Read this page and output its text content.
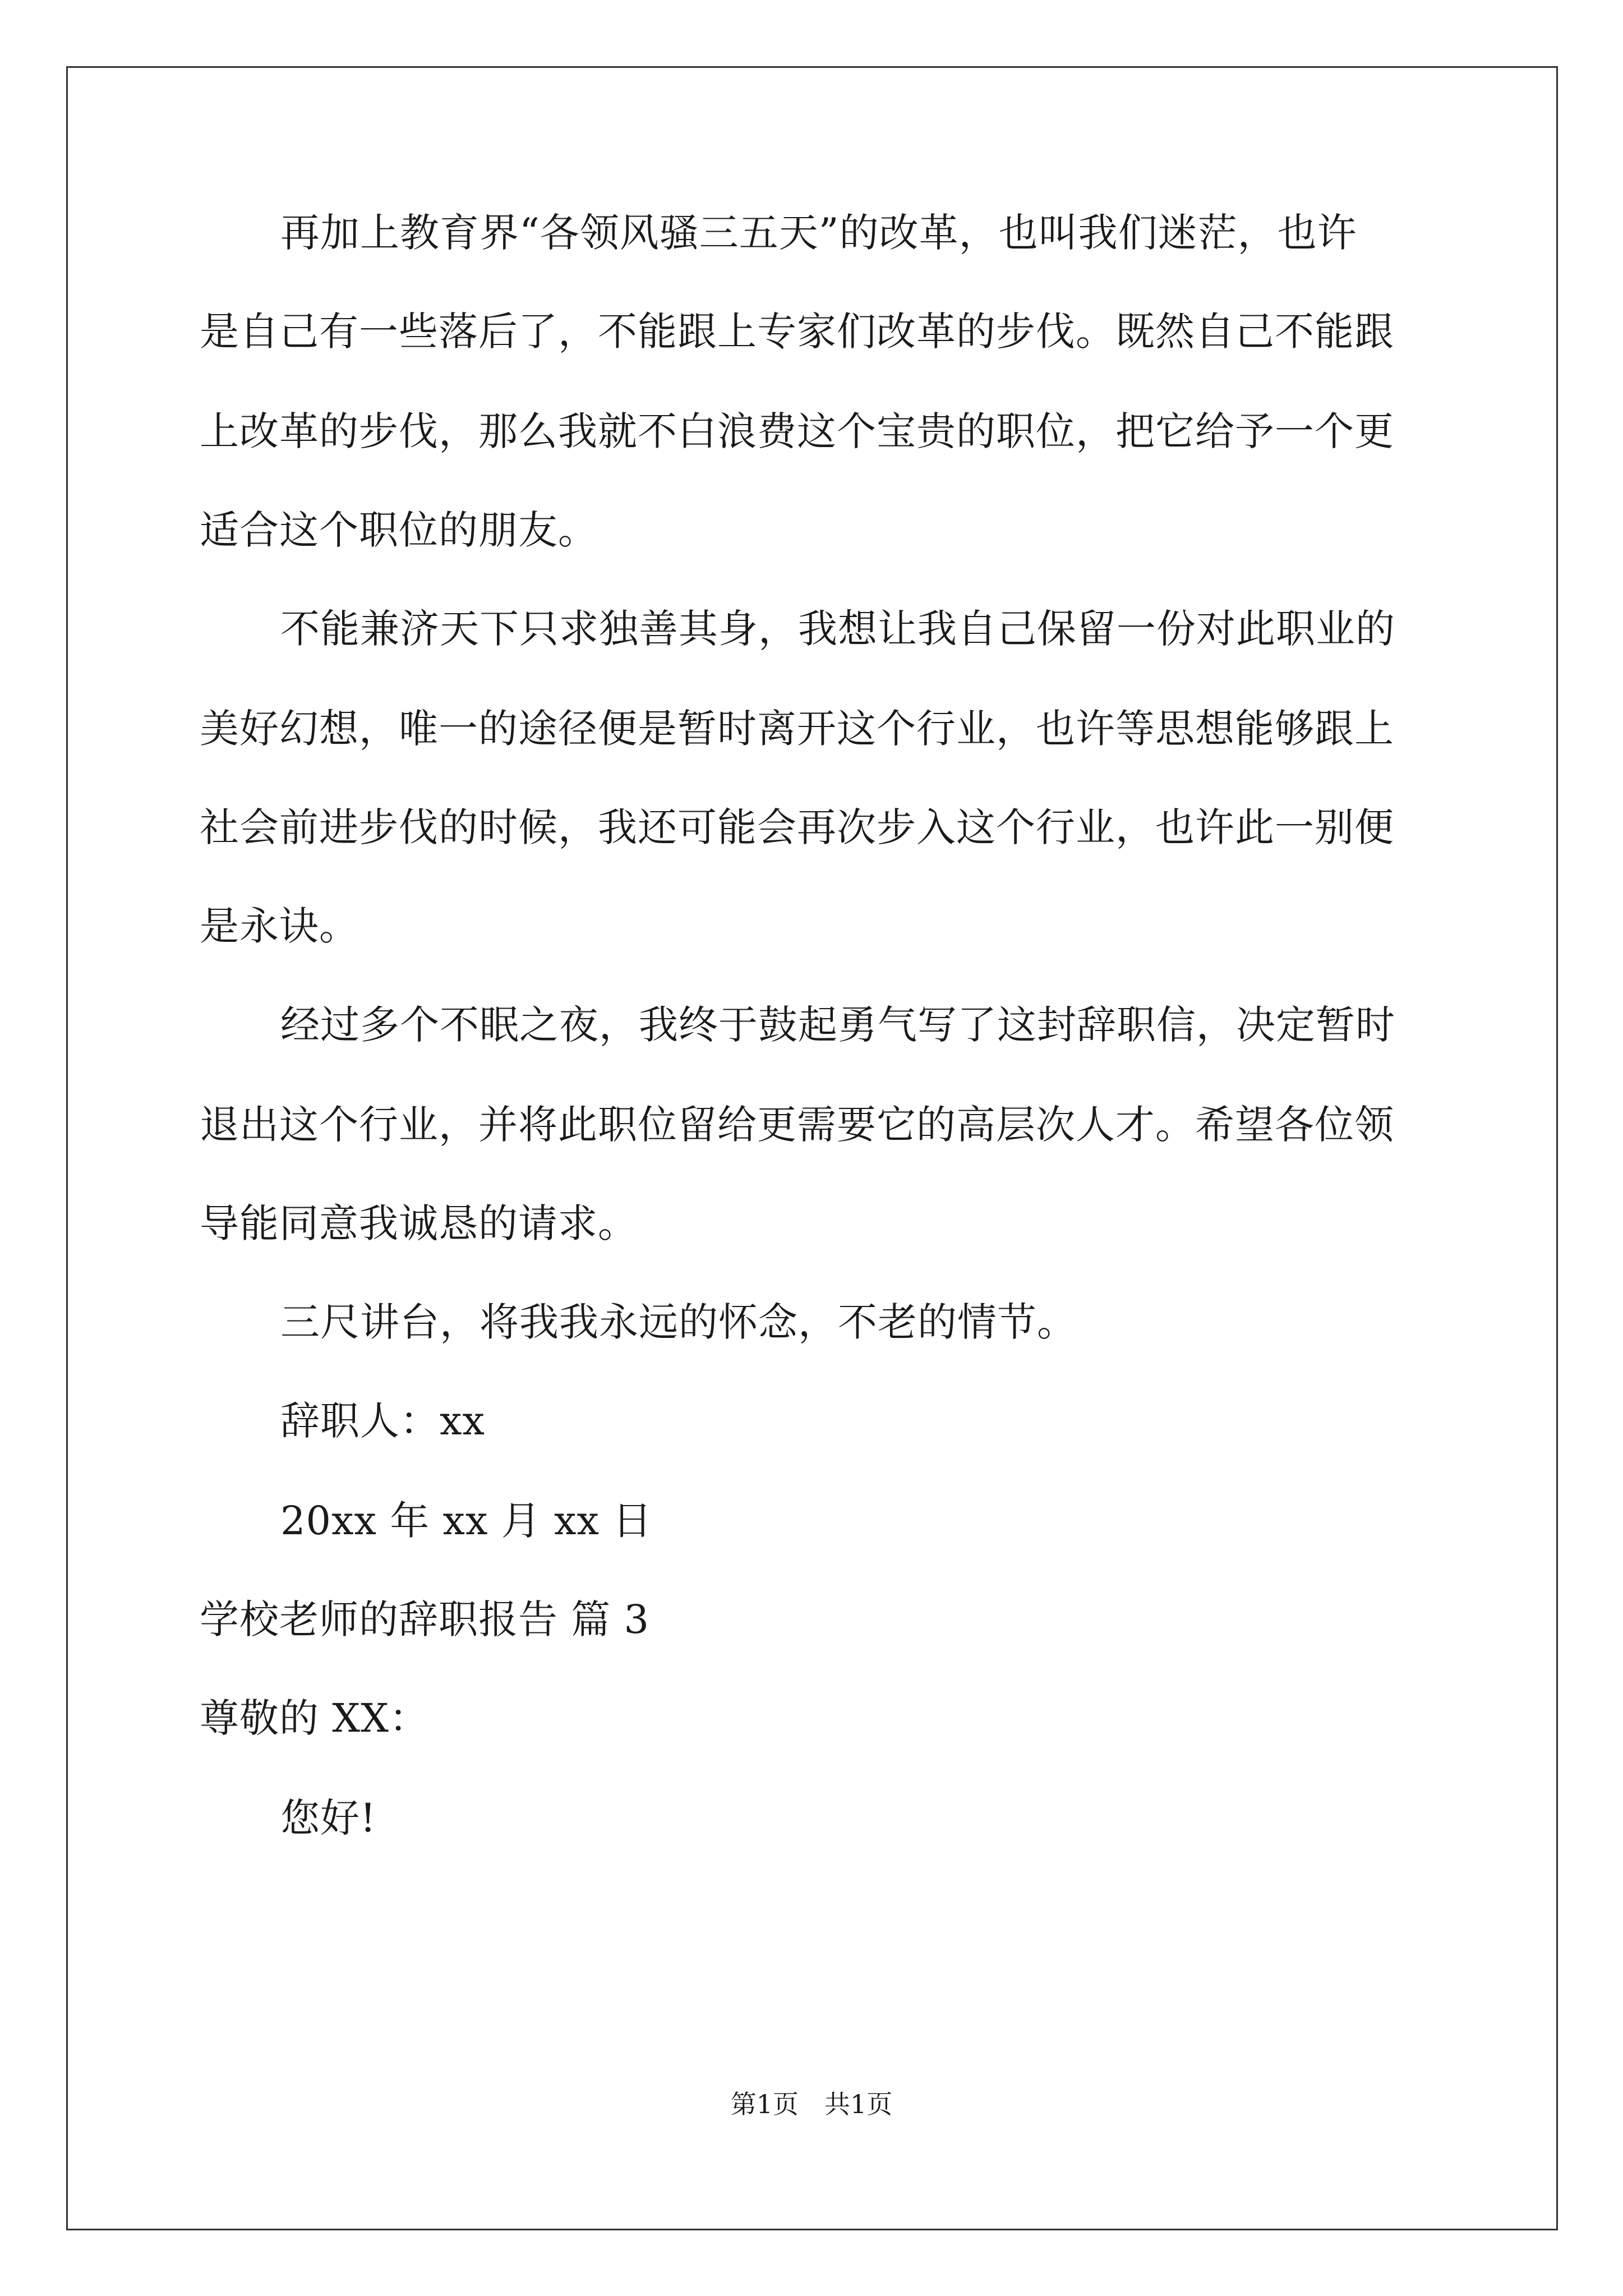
再加上教育界“各领风骚三五天”的改革，也叫我们迷茫，也许
是自己有一些落后了，不能跟上专家们改革的步伐。既然自己不能跟
上改革的步伐，那么我就不白浪费这个宝贵的职位，把它给予一个更
适合这个职位的朋友。
不能兼济天下只求独善其身，我想让我自己保留一份对此职业的
美好幻想，唯一的途径便是暂时离开这个行业，也许等思想能够跟上
社会前进步伐的时候，我还可能会再次步入这个行业，也许此一别便
是永诀。
经过多个不眠之夜，我终于鼓起勇气写了这封辞职信，决定暂时
退出这个行业，并将此职位留给更需要它的高层次人才。希望各位领
导能同意我诚恳的请求。
三尺讲台，将我我永远的怀念，不老的情节。
辞职人：xx
20xx 年 xx 月 xx 日
学校老师的辞职报告 篇 3
尊敬的 XX：
您好!
第1页　共1页
